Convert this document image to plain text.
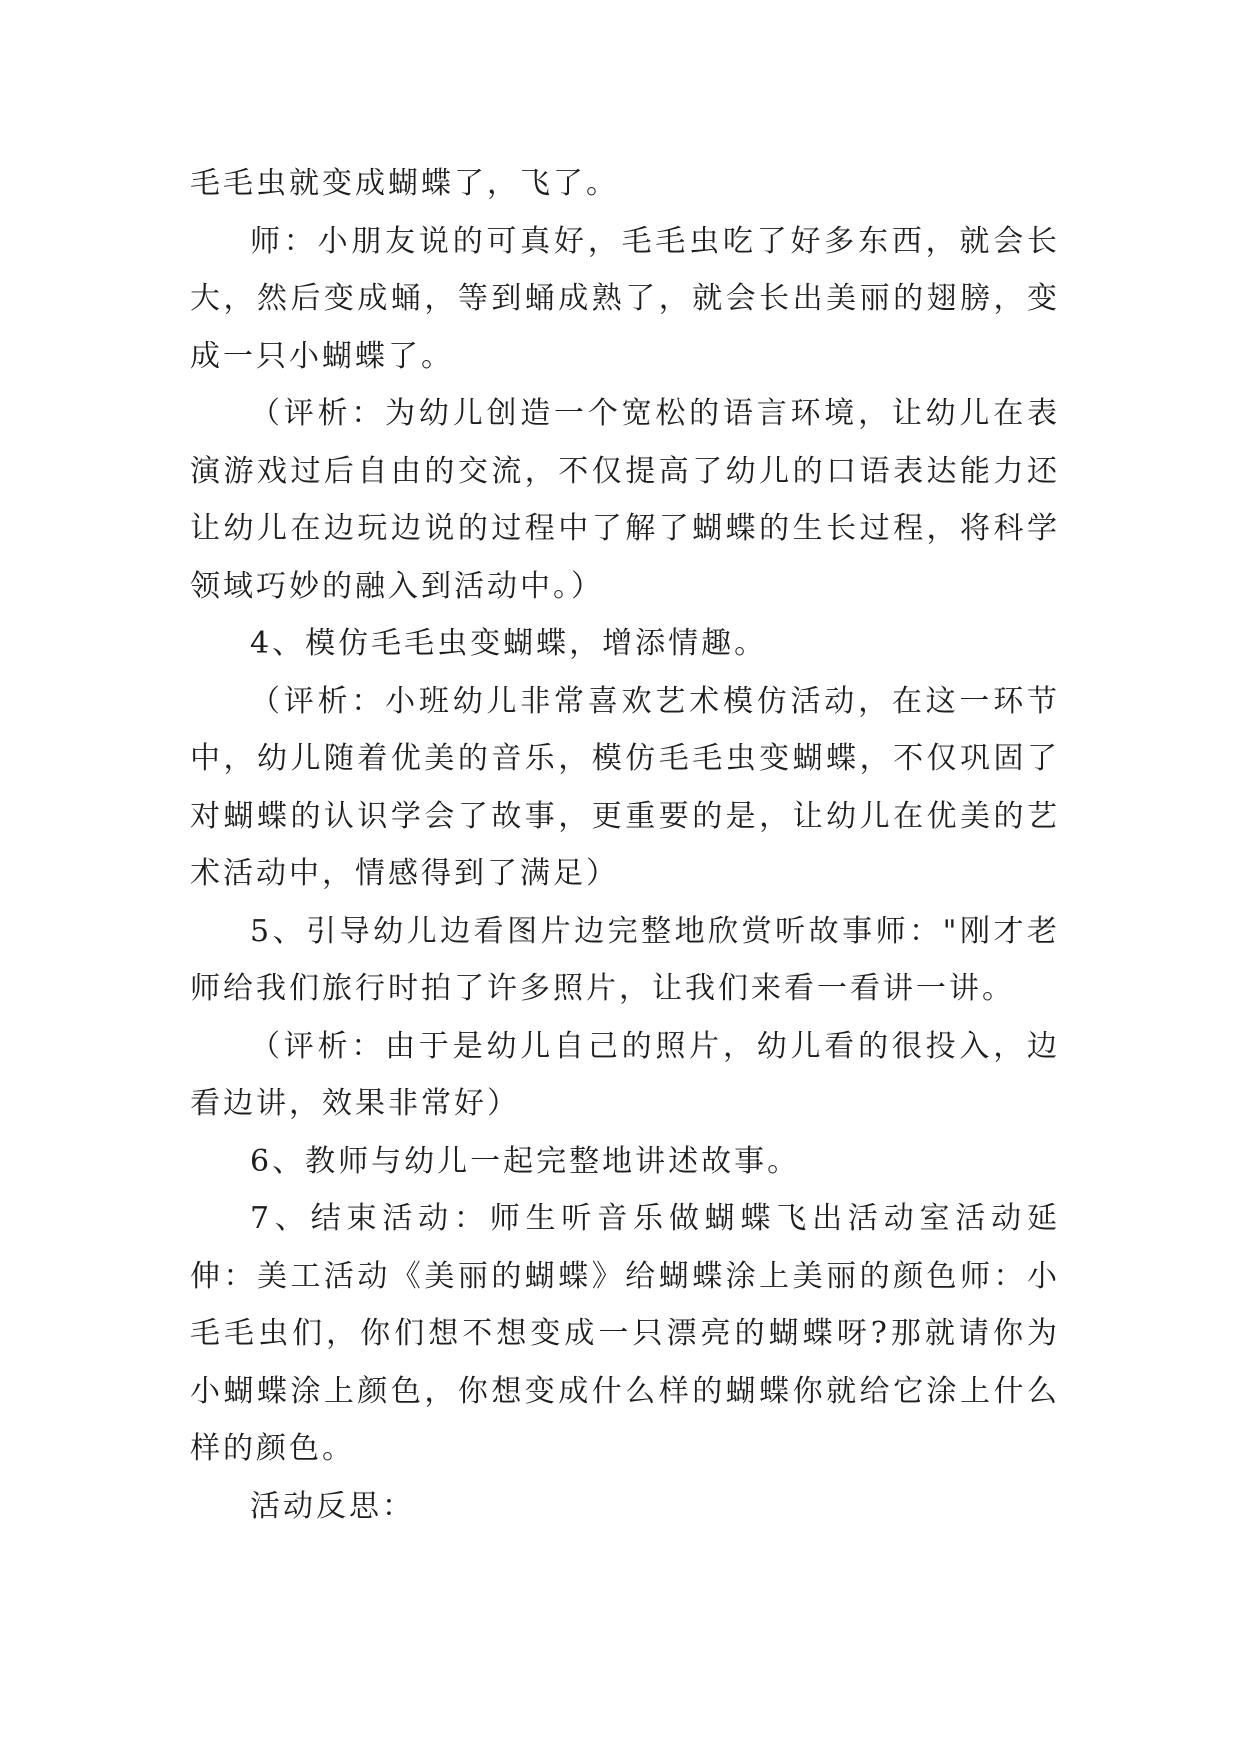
毛毛虫就变成蝴蝶了，飞了。

师：小朋友说的可真好，毛毛虫吃了好多东西，就会长大，然后变成蛹，等到蛹成熟了，就会长出美丽的翅膀，变成一只小蝴蝶了。

（评析：为幼儿创造一个宽松的语言环境，让幼儿在表演游戏过后自由的交流，不仅提高了幼儿的口语表达能力还让幼儿在边玩边说的过程中了解了蝴蝶的生长过程，将科学领域巧妙的融入到活动中。）

4、模仿毛毛虫变蝴蝶，增添情趣。

（评析：小班幼儿非常喜欢艺术模仿活动，在这一环节中，幼儿随着优美的音乐，模仿毛毛虫变蝴蝶，不仅巩固了对蝴蝶的认识学会了故事，更重要的是，让幼儿在优美的艺术活动中，情感得到了满足）

5、引导幼儿边看图片边完整地欣赏听故事师："刚才老师给我们旅行时拍了许多照片，让我们来看一看讲一讲。

（评析：由于是幼儿自己的照片，幼儿看的很投入，边看边讲，效果非常好）

6、教师与幼儿一起完整地讲述故事。

7、结束活动：师生听音乐做蝴蝶飞出活动室活动延伸：美工活动《美丽的蝴蝶》给蝴蝶涂上美丽的颜色师：小毛毛虫们，你们想不想变成一只漂亮的蝴蝶呀?那就请你为小蝴蝶涂上颜色，你想变成什么样的蝴蝶你就给它涂上什么样的颜色。

活动反思：
